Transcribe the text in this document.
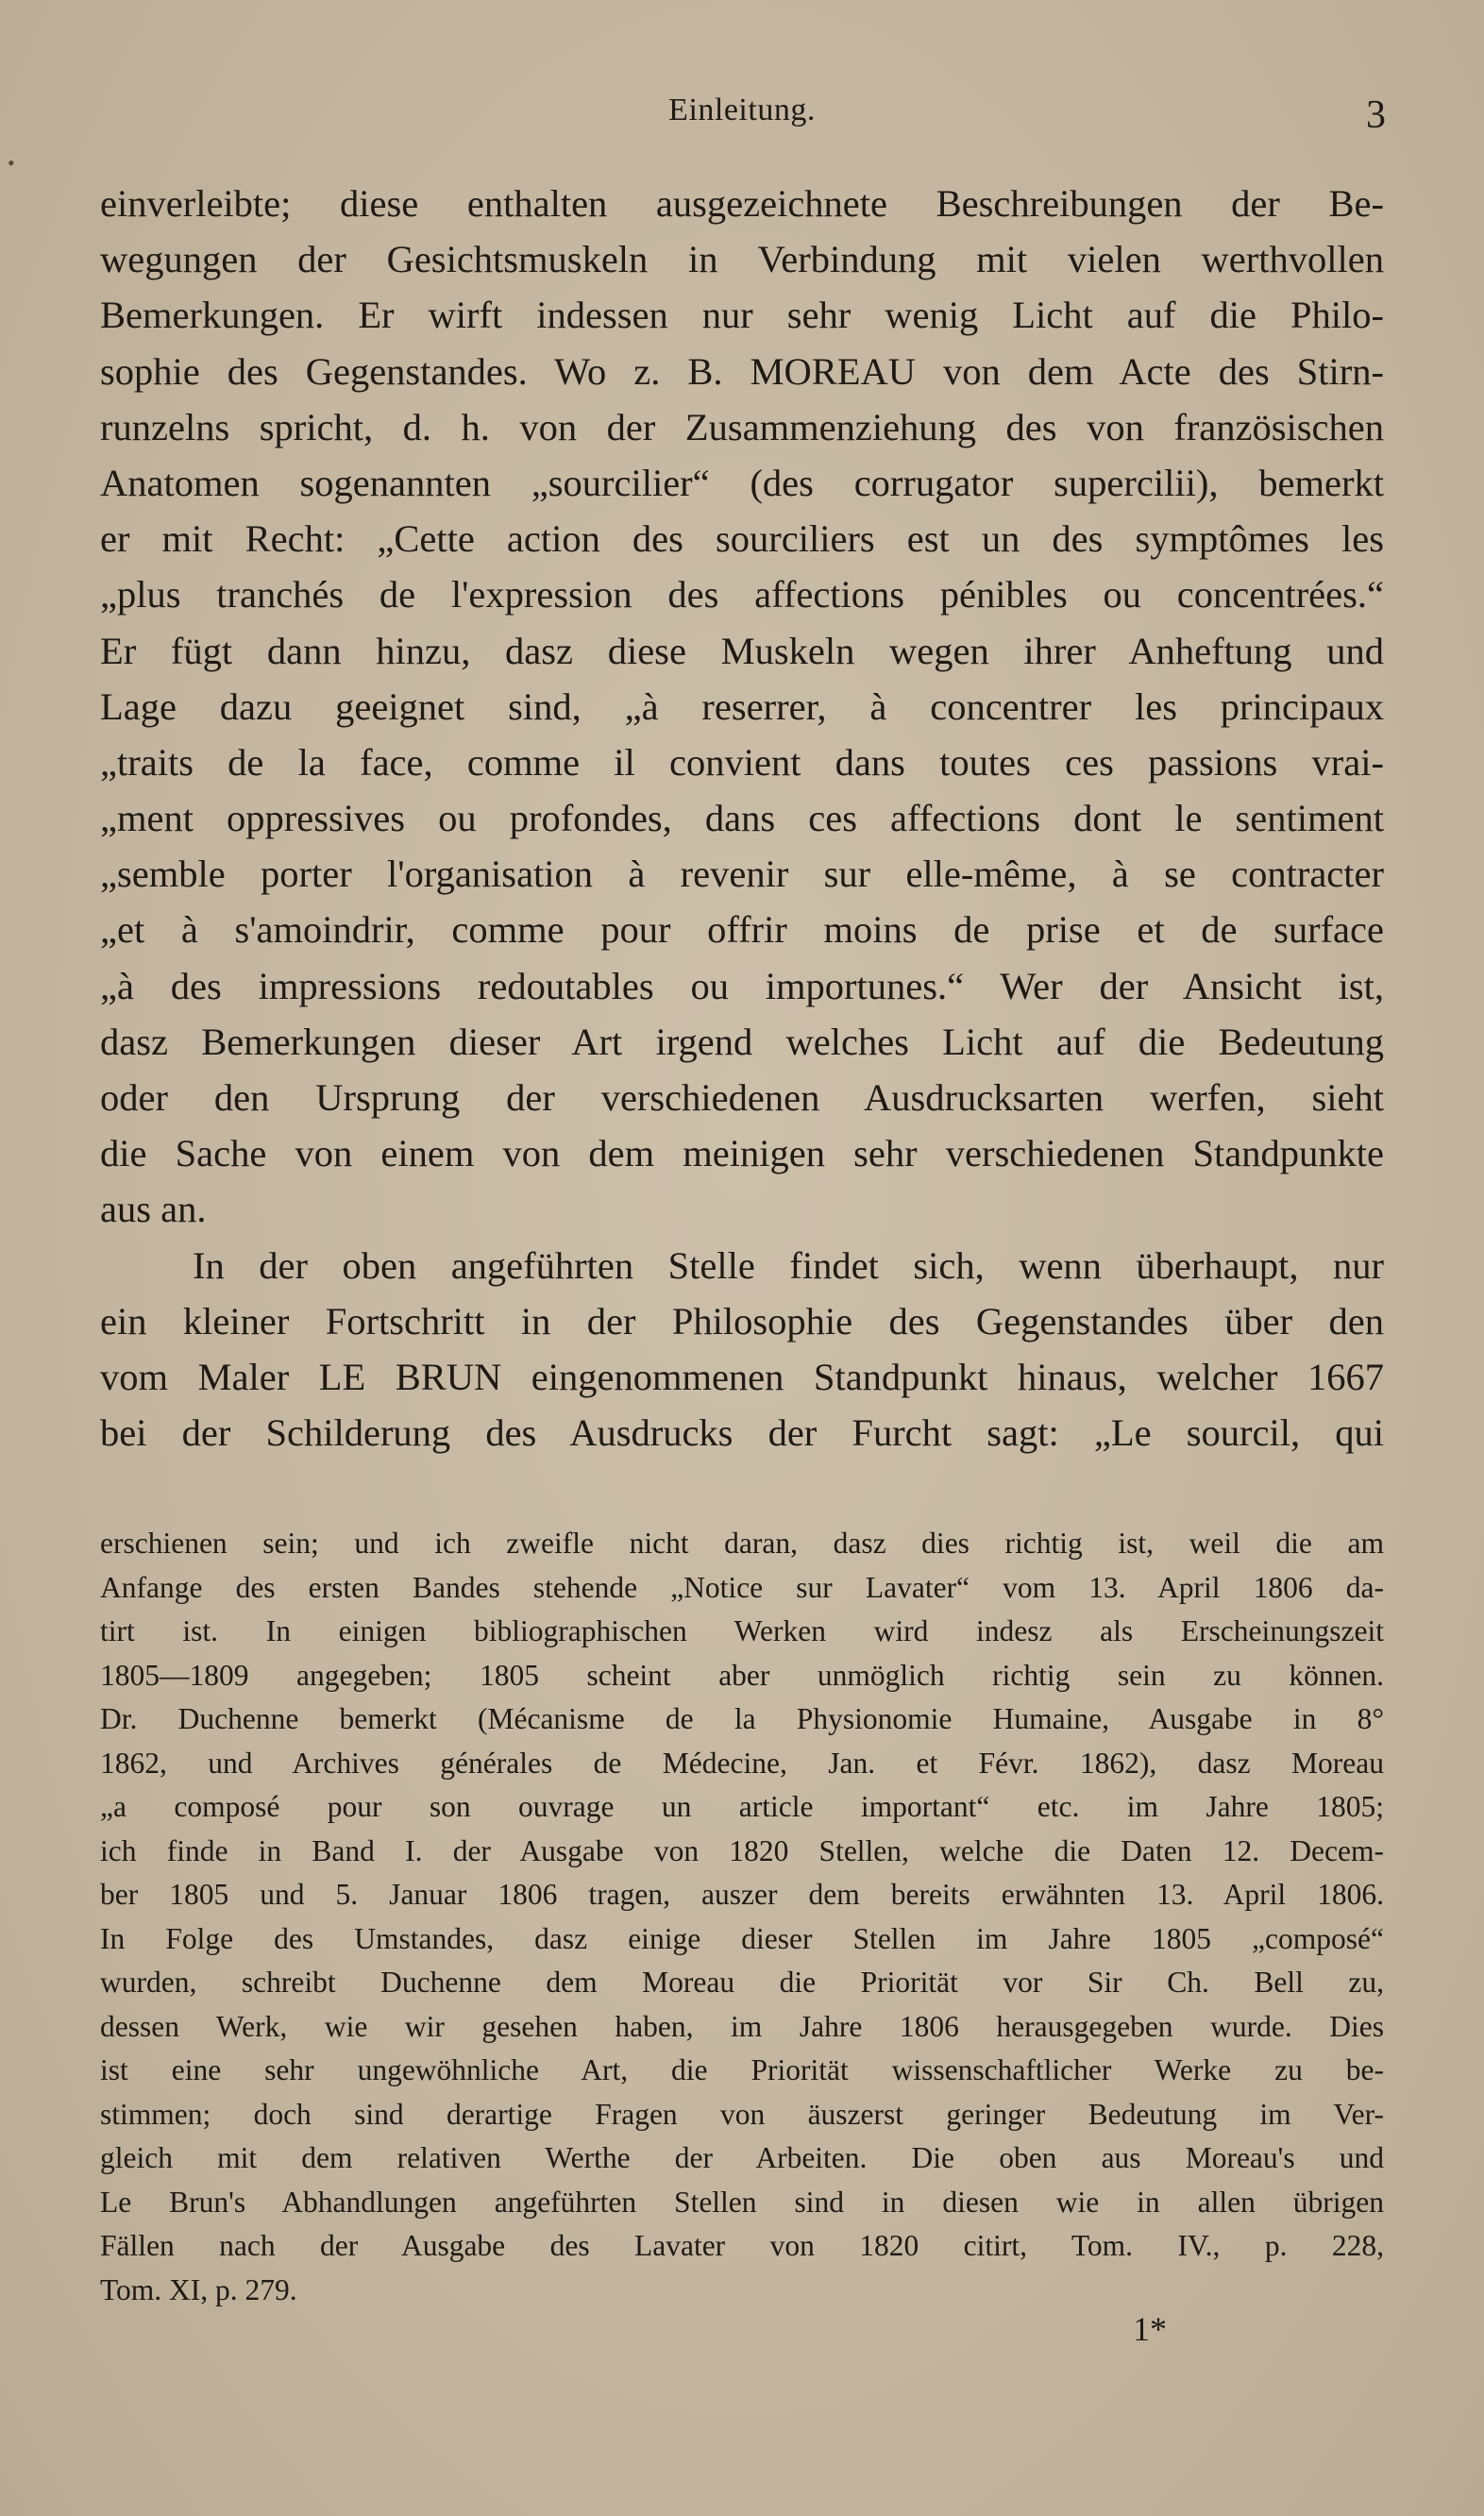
Einleitung.	3
•
einverleibte; diese enthalten ausgezeichnete Beschreibungen der Be-
wegungen der Gesichtsmuskeln in Verbindung mit vielen werthvollen
Bemerkungen. Er wirft indessen nur sehr wenig Licht auf die Philo-
sophie des Gegenstandes. Wo z. B. MOREAU von dem Acte des Stirn-
runzelns spricht, d. h. von der Zusammenziehung des von französischen
Anatomen sogenannten „sourcilier“ (des corrugator supercilii), bemerkt
er mit Recht: „Cette action des sourciliers est un des symptômes les
„plus tranchés de l'expression des affections pénibles ou concentrées.“
Er fügt dann hinzu, dasz diese Muskeln wegen ihrer Anheftung und
Lage dazu geeignet sind, „à reserrer, à concentrer les principaux
„traits de la face, comme il convient dans toutes ces passions vrai-
„ment oppressives ou profondes, dans ces affections dont le sentiment
„semble porter l'organisation à revenir sur elle-même, à se contracter
„et à s'amoindrir, comme pour offrir moins de prise et de surface
„à des impressions redoutables ou importunes.“ Wer der Ansicht ist,
dasz Bemerkungen dieser Art irgend welches Licht auf die Bedeutung
oder den Ursprung der verschiedenen Ausdrucksarten werfen, sieht
die Sache von einem von dem meinigen sehr verschiedenen Standpunkte
aus an.
In der oben angeführten Stelle findet sich, wenn überhaupt, nur
ein kleiner Fortschritt in der Philosophie des Gegenstandes über den
vom Maler LE BRUN eingenommenen Standpunkt hinaus, welcher 1667
bei der Schilderung des Ausdrucks der Furcht sagt: „Le sourcil, qui
erschienen sein; und ich zweifle nicht daran, dasz dies richtig ist, weil die am
Anfange des ersten Bandes stehende „Notice sur Lavater“ vom 13. April 1806 da-
tirt ist. In einigen bibliographischen Werken wird indesz als Erscheinungszeit
1805—1809 angegeben; 1805 scheint aber unmöglich richtig sein zu können.
Dr. Duchenne bemerkt (Mécanisme de la Physionomie Humaine, Ausgabe in 8°
1862, und Archives générales de Médecine, Jan. et Févr. 1862), dasz Moreau
„a composé pour son ouvrage un article important“ etc. im Jahre 1805;
ich finde in Band I. der Ausgabe von 1820 Stellen, welche die Daten 12. Decem-
ber 1805 und 5. Januar 1806 tragen, auszer dem bereits erwähnten 13. April 1806.
In Folge des Umstandes, dasz einige dieser Stellen im Jahre 1805 „composé“
wurden, schreibt Duchenne dem Moreau die Priorität vor Sir Ch. Bell zu,
dessen Werk, wie wir gesehen haben, im Jahre 1806 herausgegeben wurde. Dies
ist eine sehr ungewöhnliche Art, die Priorität wissenschaftlicher Werke zu be-
stimmen; doch sind derartige Fragen von äuszerst geringer Bedeutung im Ver-
gleich mit dem relativen Werthe der Arbeiten. Die oben aus Moreau's und
Le Brun's Abhandlungen angeführten Stellen sind in diesen wie in allen übrigen
Fällen nach der Ausgabe des Lavater von 1820 citirt, Tom. IV., p. 228,
Tom. XI, p. 279.
1*
